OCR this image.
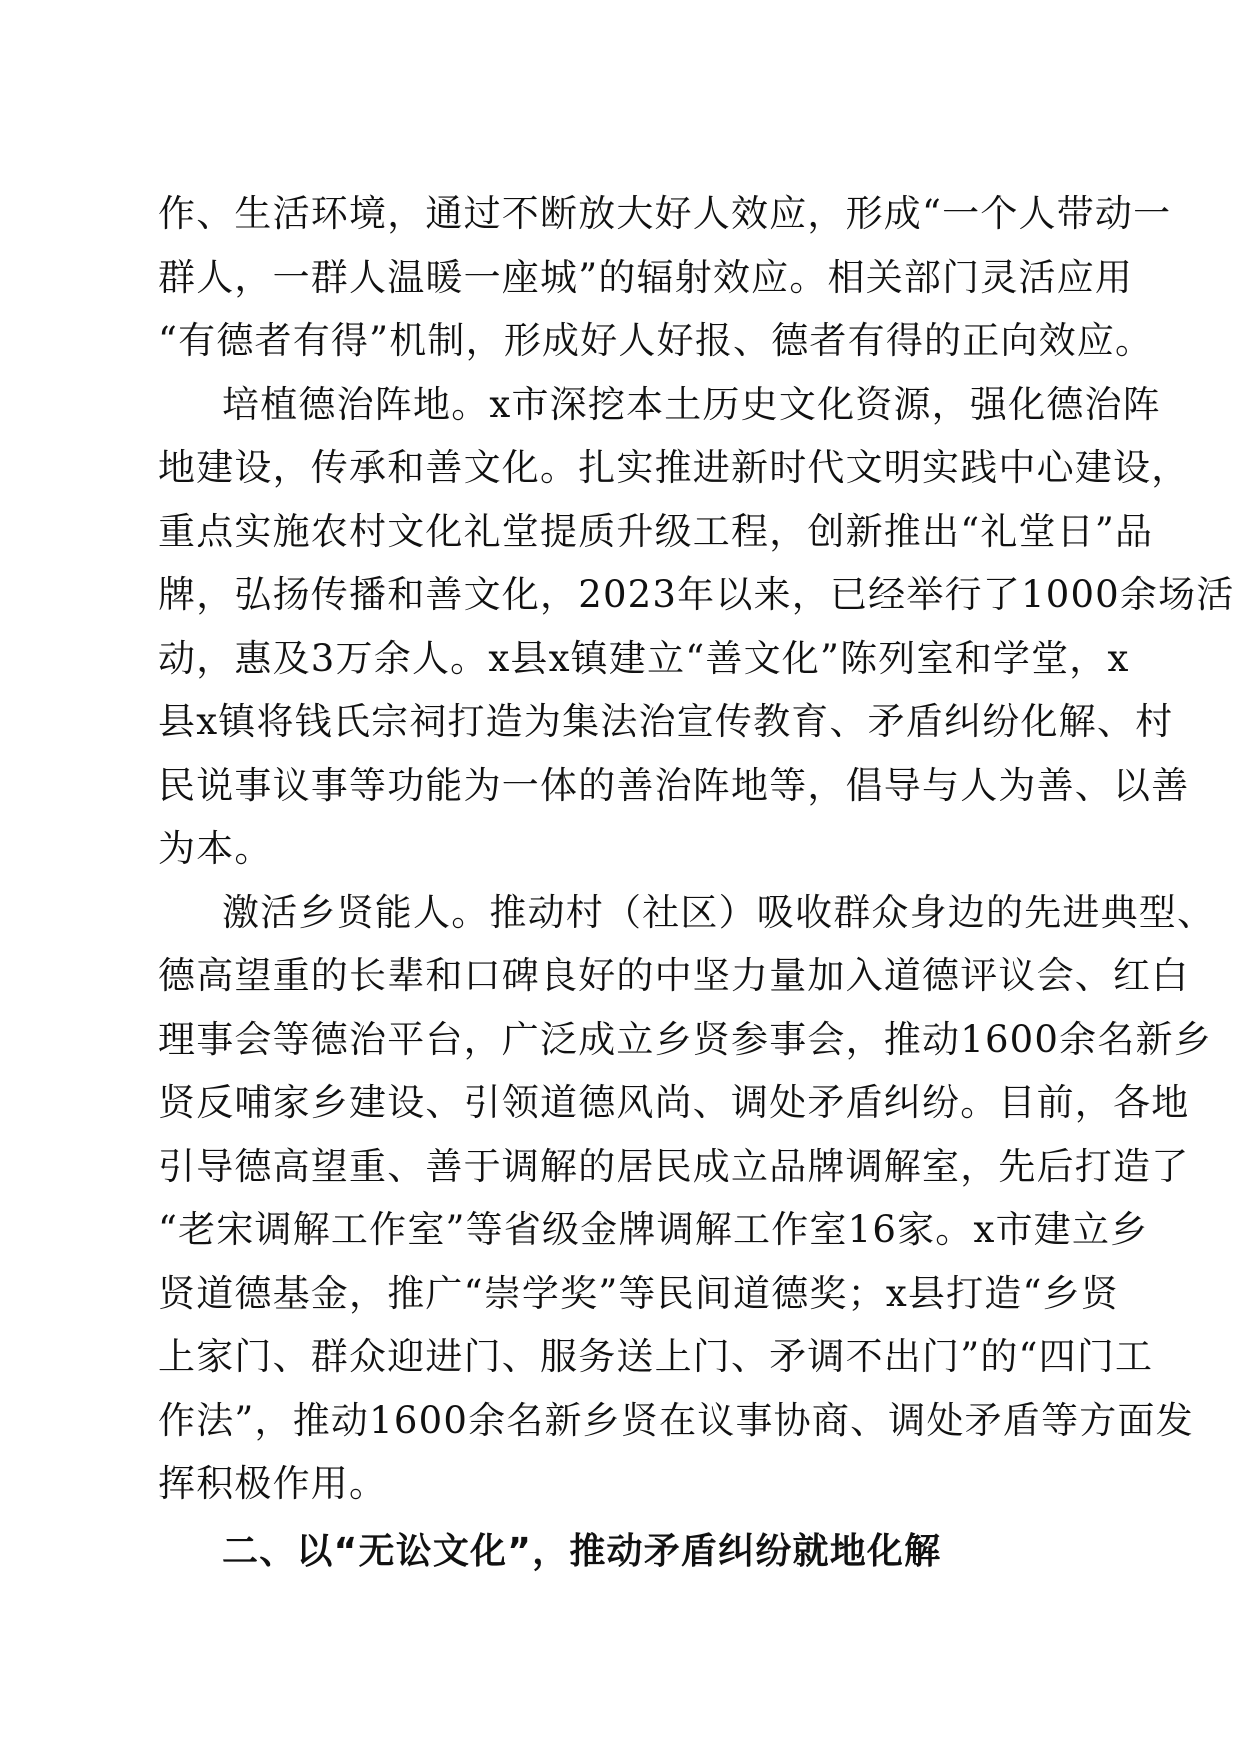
作、生活环境，通过不断放大好人效应，形成“一个人带动一
群人，一群人温暖一座城”的辐射效应。相关部门灵活应用
“有德者有得”机制，形成好人好报、德者有得的正向效应。
培植德治阵地。x市深挖本土历史文化资源，强化德治阵
地建设，传承和善文化。扎实推进新时代文明实践中心建设，
重点实施农村文化礼堂提质升级工程，创新推出“礼堂日”品
牌，弘扬传播和善文化，2023年以来，已经举行了1000余场活
动，惠及3万余人。x县x镇建立“善文化”陈列室和学堂，x
县x镇将钱氏宗祠打造为集法治宣传教育、矛盾纠纷化解、村
民说事议事等功能为一体的善治阵地等，倡导与人为善、以善
为本。
激活乡贤能人。推动村（社区）吸收群众身边的先进典型、
德高望重的长辈和口碑良好的中坚力量加入道德评议会、红白
理事会等德治平台，广泛成立乡贤参事会，推动1600余名新乡
贤反哺家乡建设、引领道德风尚、调处矛盾纠纷。目前，各地
引导德高望重、善于调解的居民成立品牌调解室，先后打造了
“老宋调解工作室”等省级金牌调解工作室16家。x市建立乡
贤道德基金，推广“崇学奖”等民间道德奖；x县打造“乡贤
上家门、群众迎进门、服务送上门、矛调不出门”的“四门工
作法”，推动1600余名新乡贤在议事协商、调处矛盾等方面发
挥积极作用。
二、以“无讼文化”，推动矛盾纠纷就地化解
